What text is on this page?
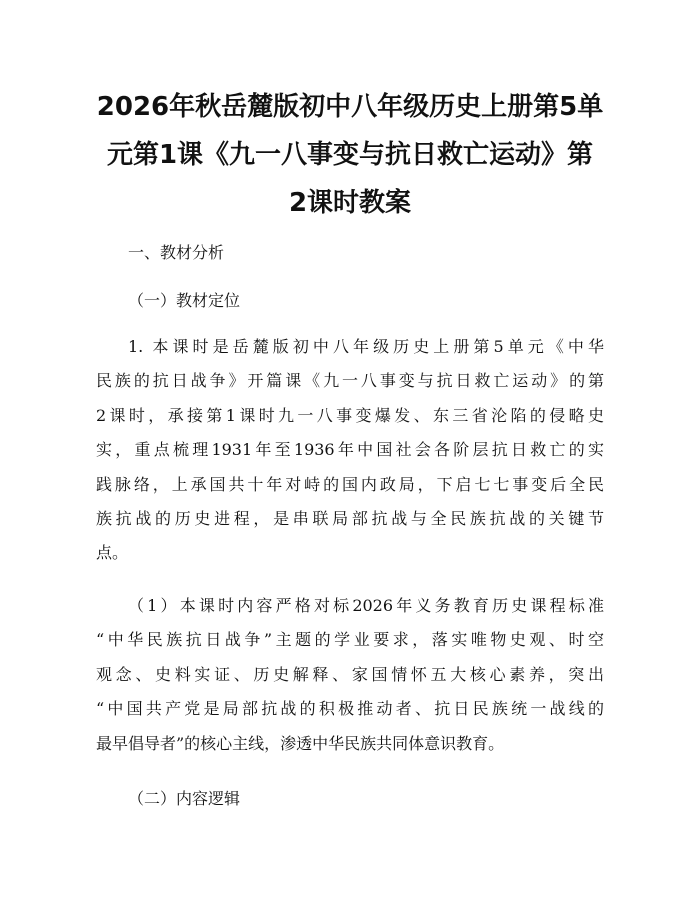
2026年秋岳麓版初中八年级历史上册第5单
元第1课《九一八事变与抗日救亡运动》第
2课时教案

一、教材分析

（一）教材定位

1. 本课时是岳麓版初中八年级历史上册第5单元《中华
民族的抗日战争》开篇课《九一八事变与抗日救亡运动》的第
2课时，承接第1课时九一八事变爆发、东三省沦陷的侵略史
实，重点梳理1931年至1936年中国社会各阶层抗日救亡的实
践脉络，上承国共十年对峙的国内政局，下启七七事变后全民
族抗战的历史进程，是串联局部抗战与全民族抗战的关键节
点。
（1）本课时内容严格对标2026年义务教育历史课程标准
“中华民族抗日战争”主题的学业要求，落实唯物史观、时空
观念、史料实证、历史解释、家国情怀五大核心素养，突出
“中国共产党是局部抗战的积极推动者、抗日民族统一战线的
最早倡导者”的核心主线，渗透中华民族共同体意识教育。

（二）内容逻辑
